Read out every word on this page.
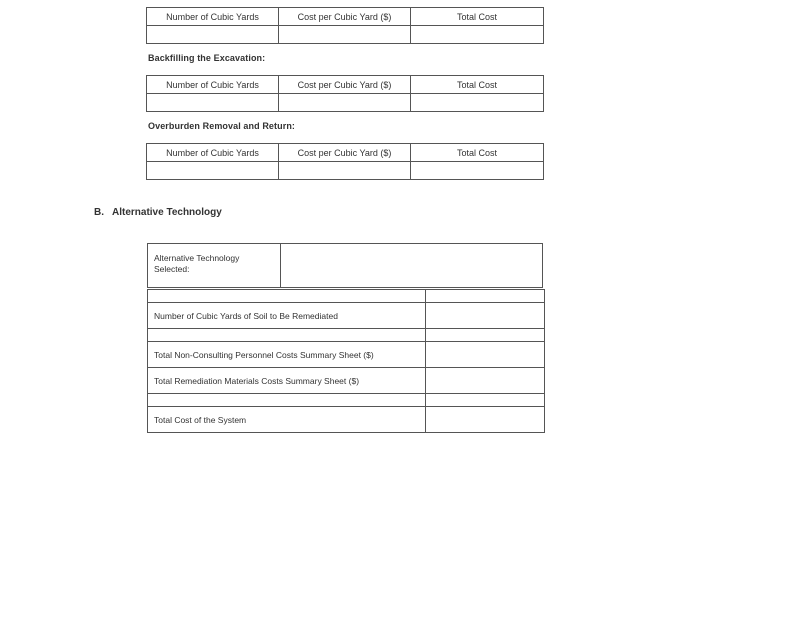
Number of Cubic Yards	Cost per Cubic Yard ($)	Total Cost

Backfilling the Excavation:
Number of Cubic Yards	Cost per Cubic Yard ($)	Total Cost

Overburden Removal and Return:
Number of Cubic Yards	Cost per Cubic Yard ($)	Total Cost

B. Alternative Technology
Alternative Technology Selected:

Number of Cubic Yards of Soil to Be Remediated	

Total Non-Consulting Personnel Costs Summary Sheet ($)	
Total Remediation Materials Costs Summary Sheet ($)	

Total Cost of the System	
